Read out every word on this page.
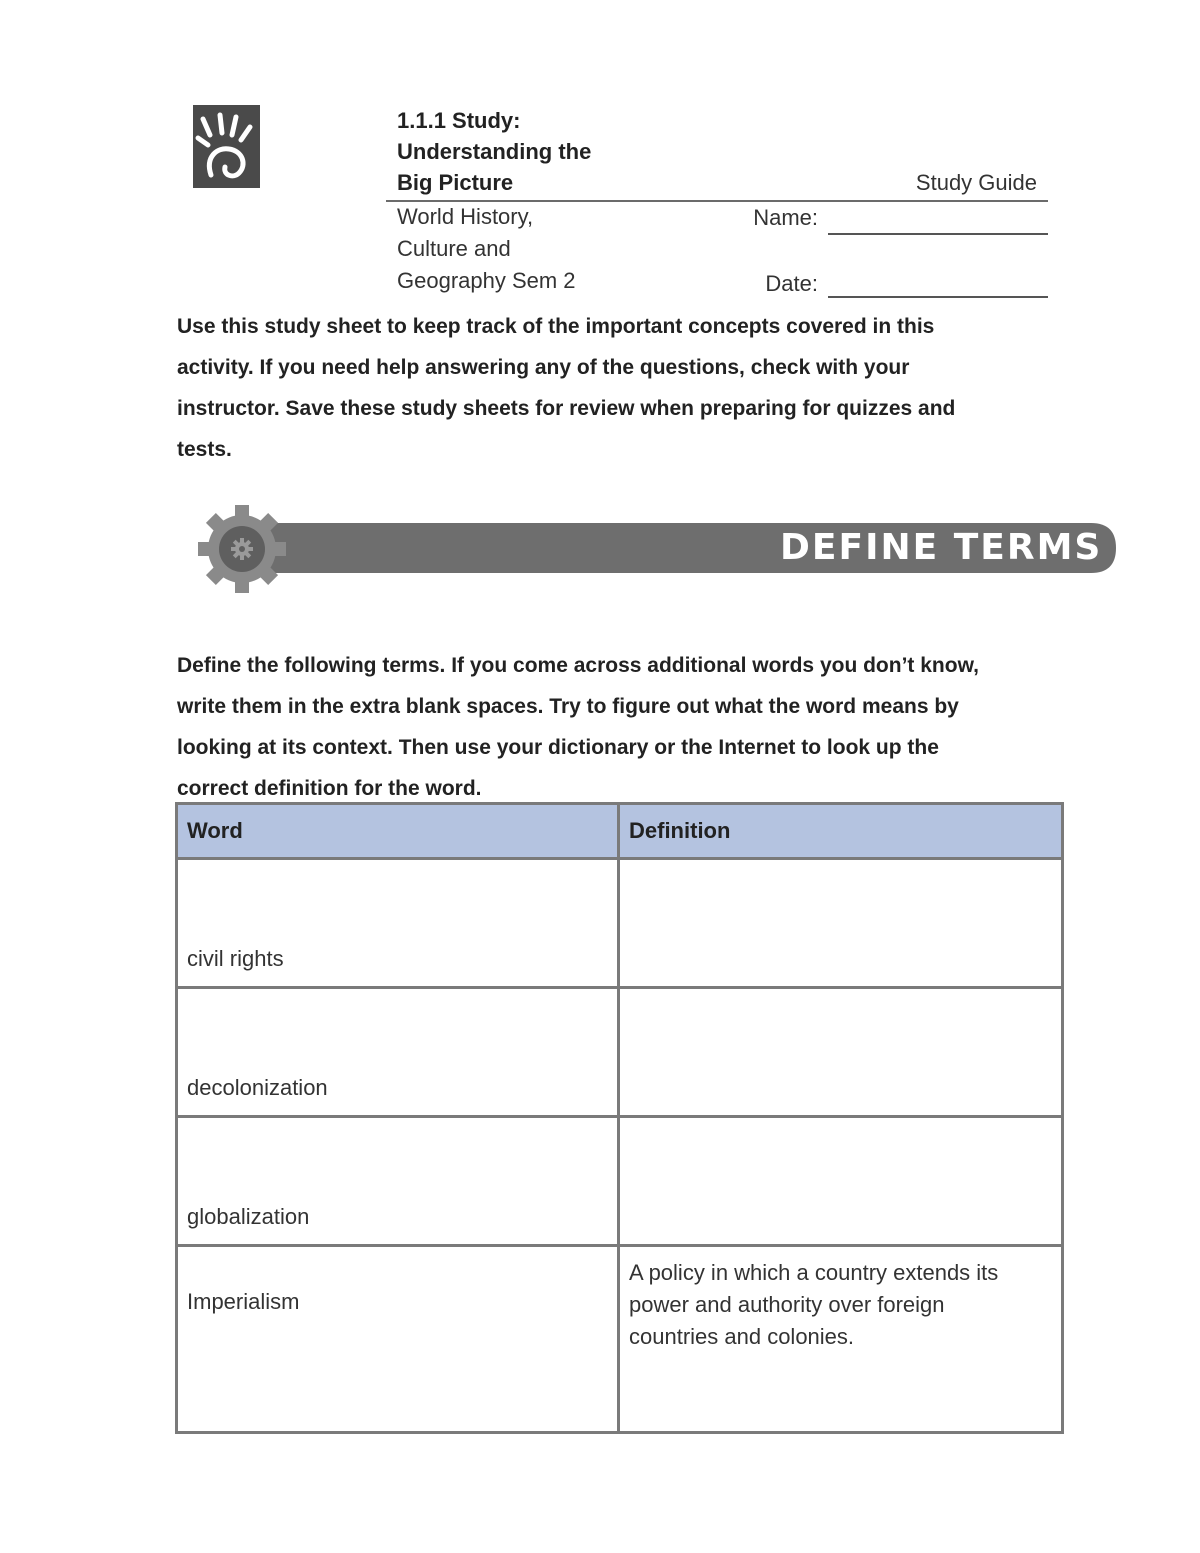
1.1.1 Study:
Understanding the
Big Picture	Study Guide
World History,
Culture and
Geography Sem 2
Name:
Date:
Use this study sheet to keep track of the important concepts covered in this
activity. If you need help answering any of the questions, check with your
instructor. Save these study sheets for review when preparing for quizzes and
tests.
DEFINE TERMS
Define the following terms. If you come across additional words you don’t know,
write them in the extra blank spaces. Try to figure out what the word means by
looking at its context. Then use your dictionary or the Internet to look up the
correct definition for the word.
Word	Definition
civil rights	
decolonization	
globalization	
Imperialism	A policy in which a country extends its
power and authority over foreign
countries and colonies.
